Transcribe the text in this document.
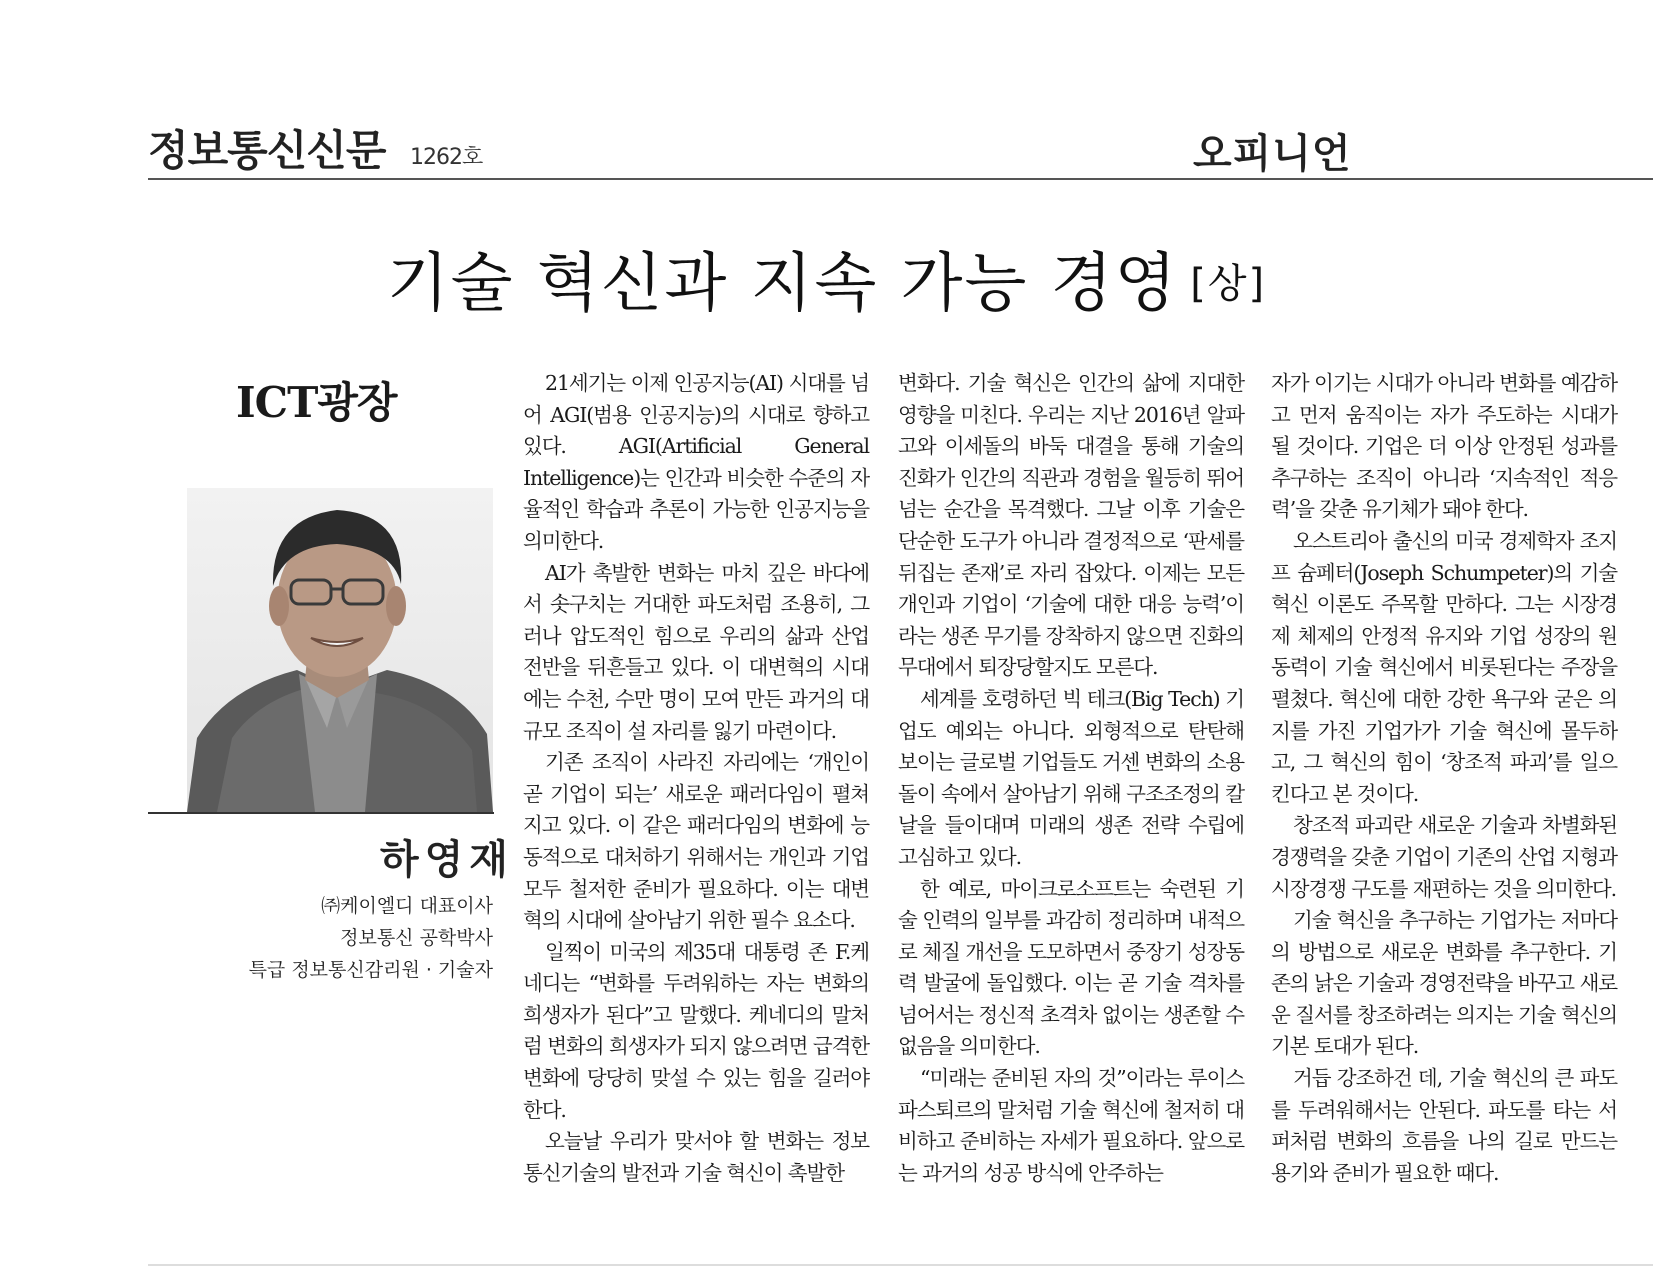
정보통신신문 1262호	오피니언
기술 혁신과 지속 가능 경영 [상]
ICT광장
하영재
㈜케이엘디 대표이사
정보통신 공학박사
특급 정보통신감리원 · 기술자

21세기는 이제 인공지능(AI) 시대를 넘어 AGI(범용 인공지능)의 시대로 향하고 있다. AGI(Artificial General Intelligence)는 인간과 비슷한 수준의 자율적인 학습과 추론이 가능한 인공지능을 의미한다.

AI가 촉발한 변화는 마치 깊은 바다에서 솟구치는 거대한 파도처럼 조용히, 그러나 압도적인 힘으로 우리의 삶과 산업 전반을 뒤흔들고 있다. 이 대변혁의 시대에는 수천, 수만 명이 모여 만든 과거의 대규모 조직이 설 자리를 잃기 마련이다.

기존 조직이 사라진 자리에는 ‘개인이 곧 기업이 되는’ 새로운 패러다임이 펼쳐지고 있다. 이 같은 패러다임의 변화에 능동적으로 대처하기 위해서는 개인과 기업 모두 철저한 준비가 필요하다. 이는 대변혁의 시대에 살아남기 위한 필수 요소다.

일찍이 미국의 제35대 대통령 존 F.케네디는 “변화를 두려워하는 자는 변화의 희생자가 된다”고 말했다. 케네디의 말처럼 변화의 희생자가 되지 않으려면 급격한 변화에 당당히 맞설 수 있는 힘을 길러야 한다.

오늘날 우리가 맞서야 할 변화는 정보통신기술의 발전과 기술 혁신이 촉발한

변화다. 기술 혁신은 인간의 삶에 지대한 영향을 미친다. 우리는 지난 2016년 알파고와 이세돌의 바둑 대결을 통해 기술의 진화가 인간의 직관과 경험을 월등히 뛰어넘는 순간을 목격했다. 그날 이후 기술은 단순한 도구가 아니라 결정적으로 ‘판세를 뒤집는 존재’로 자리 잡았다. 이제는 모든 개인과 기업이 ‘기술에 대한 대응 능력’이라는 생존 무기를 장착하지 않으면 진화의 무대에서 퇴장당할지도 모른다.

세계를 호령하던 빅 테크(Big Tech) 기업도 예외는 아니다. 외형적으로 탄탄해 보이는 글로벌 기업들도 거센 변화의 소용돌이 속에서 살아남기 위해 구조조정의 칼날을 들이대며 미래의 생존 전략 수립에 고심하고 있다.

한 예로, 마이크로소프트는 숙련된 기술 인력의 일부를 과감히 정리하며 내적으로 체질 개선을 도모하면서 중장기 성장동력 발굴에 돌입했다. 이는 곧 기술 격차를 넘어서는 정신적 초격차 없이는 생존할 수 없음을 의미한다.

“미래는 준비된 자의 것”이라는 루이스 파스퇴르의 말처럼 기술 혁신에 철저히 대비하고 준비하는 자세가 필요하다. 앞으로는 과거의 성공 방식에 안주하는

자가 이기는 시대가 아니라 변화를 예감하고 먼저 움직이는 자가 주도하는 시대가 될 것이다. 기업은 더 이상 안정된 성과를 추구하는 조직이 아니라 ‘지속적인 적응력’을 갖춘 유기체가 돼야 한다.

오스트리아 출신의 미국 경제학자 조지프 슘페터(Joseph Schumpeter)의 기술 혁신 이론도 주목할 만하다. 그는 시장경제 체제의 안정적 유지와 기업 성장의 원동력이 기술 혁신에서 비롯된다는 주장을 펼쳤다. 혁신에 대한 강한 욕구와 굳은 의지를 가진 기업가가 기술 혁신에 몰두하고, 그 혁신의 힘이 ‘창조적 파괴’를 일으킨다고 본 것이다.

창조적 파괴란 새로운 기술과 차별화된 경쟁력을 갖춘 기업이 기존의 산업 지형과 시장경쟁 구도를 재편하는 것을 의미한다.

기술 혁신을 추구하는 기업가는 저마다의 방법으로 새로운 변화를 추구한다. 기존의 낡은 기술과 경영전략을 바꾸고 새로운 질서를 창조하려는 의지는 기술 혁신의 기본 토대가 된다.

거듭 강조하건 데, 기술 혁신의 큰 파도를 두려워해서는 안된다. 파도를 타는 서퍼처럼 변화의 흐름을 나의 길로 만드는 용기와 준비가 필요한 때다.
